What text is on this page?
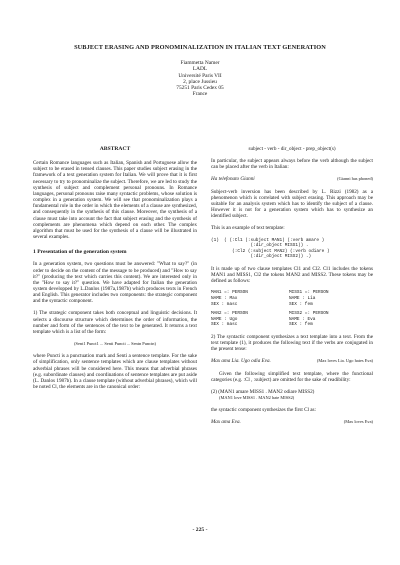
SUBJECT ERASING AND PRONOMINALIZATION IN ITALIAN TEXT GENERATION
Fiammetta Namer
LADL
Université Paris VII
2, place Jussieu
75251 Paris Cedex 05
France
ABSTRACT

Certain Romance languages such as Italian, Spanish and Portuguese allow the subject to be erased in tensed clauses. This paper studies subject erasing in the framework of a text generation system for Italian. We will prove that it is first necessary to try to pronominalize the subject. Therefore, we are led to study the synthesis of subject and complement personal pronouns. In Romance languages, personal pronouns raise many syntactic problems, whose solution is complex in a generation system. We will see that pronominalization plays a fundamental role in the order in which the elements of a clause are synthesized, and consequently in the synthesis of this clause. Moreover, the synthesis of a clause must take into account the fact that subject erasing and the synthesis of complements are phenomena which depend on each other. The complex algorithm that must be used for the synthesis of a clause will be illustrated in several examples.

1 Presentation of the generation system

In a generation system, two questions must be answered: "What to say?" (in order to decide on the content of the message to be produced) and "How to say it?" (producing the text which carries this content). We are interested only in the "How to say it?" question. We have adapted for Italian the generation system developped by L.Danlos (1987a,1987b) which produces texts in French and English. This generator includes two components: the strategic component and the syntactic component.

1) The strategic component takes both conceptual and linguistic decisions. It selects a discourse structure which determines the order of information, the number and form of the sentences of the text to be generated. It returns a text template which is a list of the form:

(Sent1 Punct1 ... Senti Puncti ... Sentn Punctn)

where Puncti is a punctuation mark and Senti a sentence template. For the sake of simplification, only sentence templates which are clause templates without adverbial phrases will be considered here. This means that adverbial phrases (e.g. subordinate clauses) and coordinations of sentence templates are put aside (L. Danlos 1987b). In a clause template (without adverbial phrases), which will be noted Cl, the elements are in the canonical order:

subject - verb - dir_object - prep_object(s)

In particular, the subject appears always before the verb although the subject can be placed after the verb in Italian:

Ha telefonato Gianni	(Gianni has phoned)

Subject-verb inversion has been described by L. Rizzi (1982) as a phenomenon which is correlated with subject erasing. This approach may be suitable for an analysis system which has to identify the subject of a clause. However it is not for a generation system which has to synthesize an identified subject.

This is an example of text template:

(1)  ( (:Cl1 (:subject MAN1) (:verb amare )
(:dir_object MISS1)) .
(:Cl2 (:subject MAN2) (:verb odiare )
(:dir_object MISS2)) .)

It is made up of two clause templates Cl1 and Cl2. Cl1 includes the tokens MAN1 and MISS1, Cl2 the tokens MAN2 and MISS2. These tokens may be defined as follows:

MAN1 =: PERSON	MISS1 =: PERSON
NAME : Max	NAME : Lia
SEX : masc	SEX : fem
MAN2 =: PERSON	MISS2 =: PERSON
NAME : Ugo	NAME : Eva
SEX : masc	SEX : fem

2) The syntactic component synthesizes a text template into a text. From the text template (1), it produces the following text if the verbs are conjugated in the present tense:

Max ama Lia. Ugo odia Eva.	(Max loves Lia. Ugo hates Eva)

Given the following simplified text template, where the functional categories (e.g. :Cl , :subject) are omitted for the sake of readibility:

(2) (MAN1 amare MISS1 . MAN2 odiare MISS2)
(MAN1 love MISS1 . MAN2 hate MISS2)

the syntactic component synthesizes the first Cl as:

Max ama Eva.	(Max loves Eva)
- 225 -
